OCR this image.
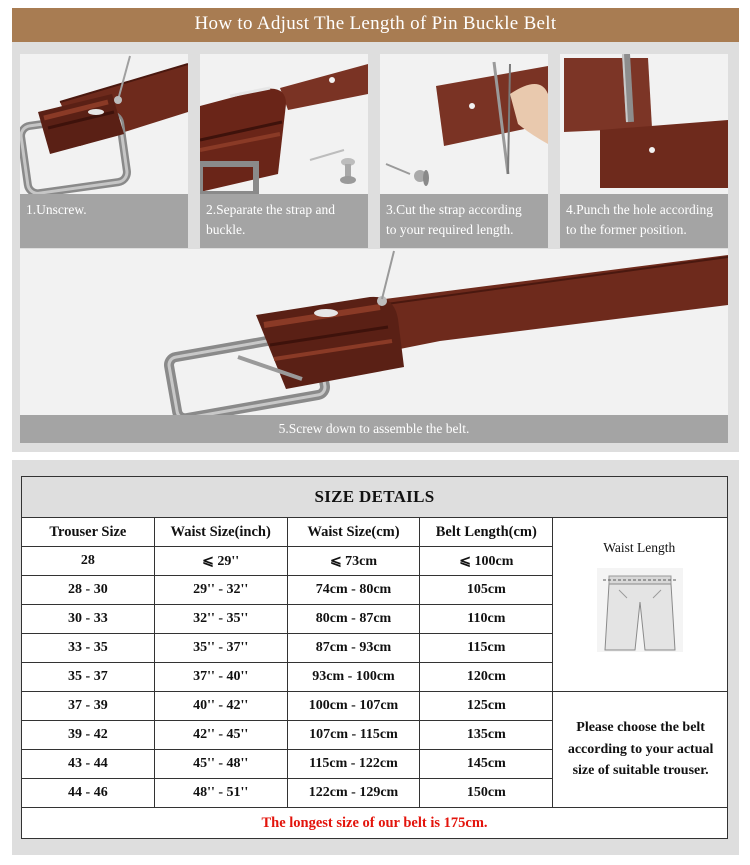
How to Adjust The Length of Pin Buckle Belt
1.Unscrew.	2.Separate the strap and
buckle.
3.Cut the strap according
to your required length.
4.Punch the hole according
to the former position.
5.Screw down to assemble the belt.
SIZE DETAILS				
Trouser Size	Waist Size(inch)	Waist Size(cm)	Belt Length(cm)	Waist Length

28	⩽ 29''	⩽ 73cm	⩽ 100cm	
28 - 30	29'' - 32''	74cm - 80cm	105cm	
30 - 33	32'' - 35''	80cm - 87cm	110cm	
33 - 35	35'' - 37''	87cm - 93cm	115cm	
35 - 37	37'' - 40''	93cm - 100cm	120cm	
37 - 39	40'' - 42''	100cm - 107cm	125cm	Please choose the belt
according to your actual
size of suitable trouser.

39 - 42	42'' - 45''	107cm - 115cm	135cm	
43 - 44	45'' - 48''	115cm - 122cm	145cm	
44 - 46	48'' - 51''	122cm - 129cm	150cm	
The longest size of our belt is 175cm.				
